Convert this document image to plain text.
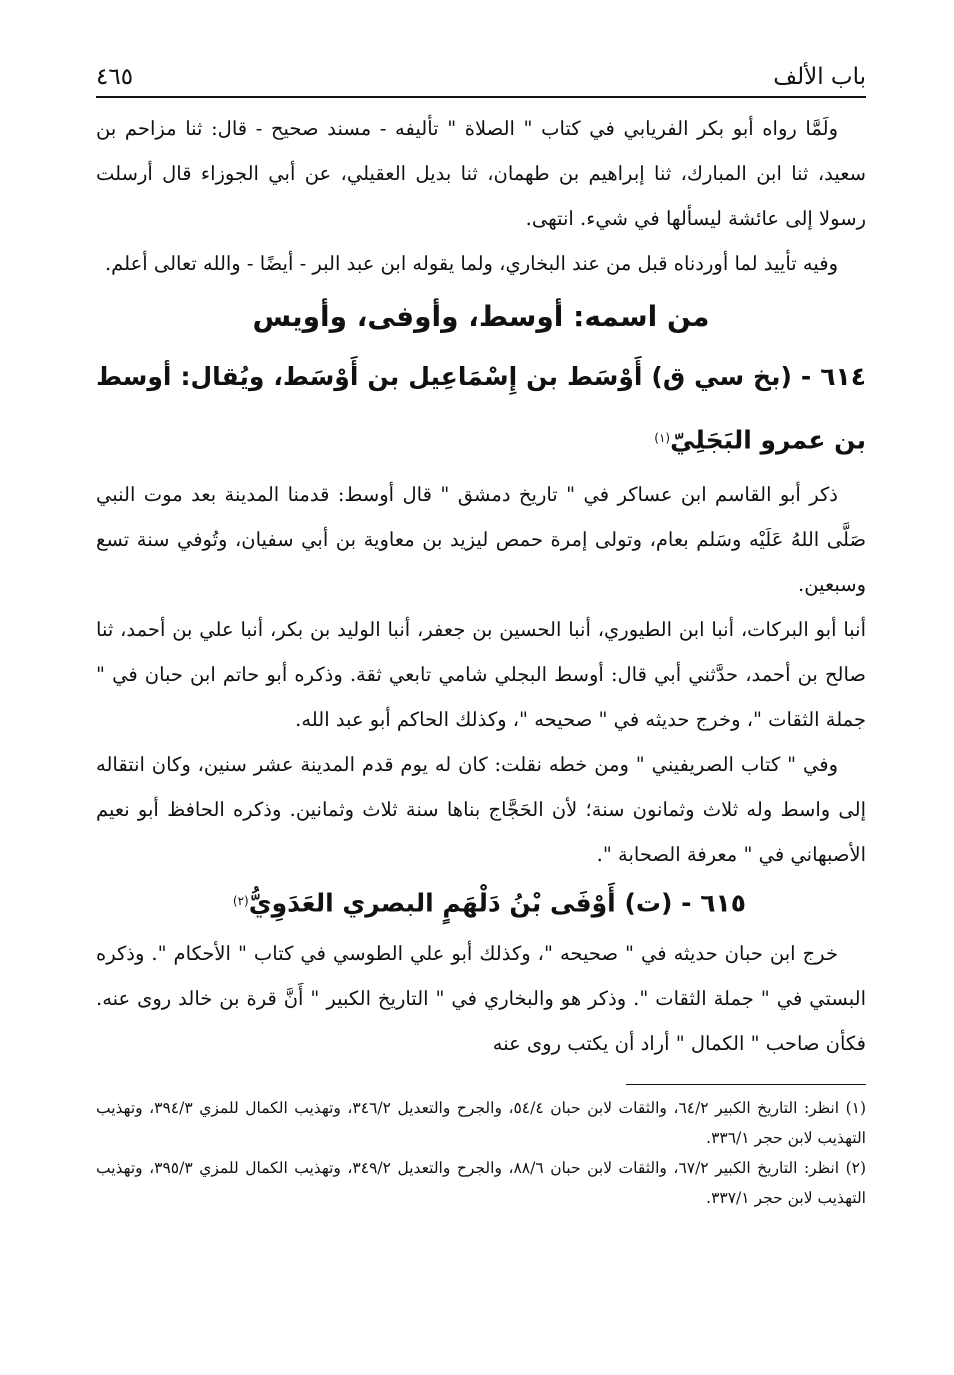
باب الألف
٤٦٥

ولَمَّا رواه أبو بكر الفريابي في كتاب " الصلاة " تأليفه - مسند صحيح - قال: ثنا مزاحم بن سعيد، ثنا ابن المبارك، ثنا إبراهيم بن طهمان، ثنا بديل العقيلي، عن أبي الجوزاء قال أرسلت رسولا إلى عائشة ليسألها في شيء. انتهى.

وفيه تأييد لما أوردناه قبل من عند البخاري، ولما يقوله ابن عبد البر - أيضًا - والله تعالى أعلم.

من اسمه: أوسط، وأوفى، وأويس

٦١٤ - (بخ سي ق) أَوْسَط بن إِسْمَاعِيل بن أَوْسَط، ويُقال: أوسط بن عمرو البَجَلِيّ$^{(١)}$

ذكر أبو القاسم ابن عساكر في " تاريخ دمشق " قال أوسط: قدمنا المدينة بعد موت النبي صَلَّى اللهُ عَلَيْه وسَلم بعام، وتولى إمرة حمص ليزيد بن معاوية بن أبي سفيان، وتُوفي سنة تسع وسبعين.

أنبا أبو البركات، أنبا ابن الطيوري، أنبا الحسين بن جعفر، أنبا الوليد بن بكر، أنبا علي بن أحمد، ثنا صالح بن أحمد، حدَّثني أبي قال: أوسط البجلي شامي تابعي ثقة. وذكره أبو حاتم ابن حبان في " جملة الثقات "، وخرج حديثه في " صحيحه "، وكذلك الحاكم أبو عبد الله.

وفي " كتاب الصريفيني " ومن خطه نقلت: كان له يوم قدم المدينة عشر سنين، وكان انتقاله إلى واسط وله ثلاث وثمانون سنة؛ لأن الحَجَّاج بناها سنة ثلاث وثمانين. وذكره الحافظ أبو نعيم الأصبهاني في " معرفة الصحابة ".

٦١٥ - (ت) أَوْفَى بْنُ دَلْهَمٍ البصري العَدَوِيُّ$^{(٢)}$

خرج ابن حبان حديثه في " صحيحه "، وكذلك أبو علي الطوسي في كتاب " الأحكام ". وذكره البستي في " جملة الثقات ". وذكر هو والبخاري في " التاريخ الكبير " أَنَّ قرة بن خالد روى عنه. فكأن صاحب " الكمال " أراد أن يكتب روى عنه

(١) انظر: التاريخ الكبير ٦٤/٢، والثقات لابن حبان ٥٤/٤، والجرح والتعديل ٣٤٦/٢، وتهذيب الكمال للمزي ٣٩٤/٣، وتهذيب التهذيب لابن حجر ٣٣٦/١.

(٢) انظر: التاريخ الكبير ٦٧/٢، والثقات لابن حبان ٨٨/٦، والجرح والتعديل ٣٤٩/٢، وتهذيب الكمال للمزي ٣٩٥/٣، وتهذيب التهذيب لابن حجر ٣٣٧/١.
